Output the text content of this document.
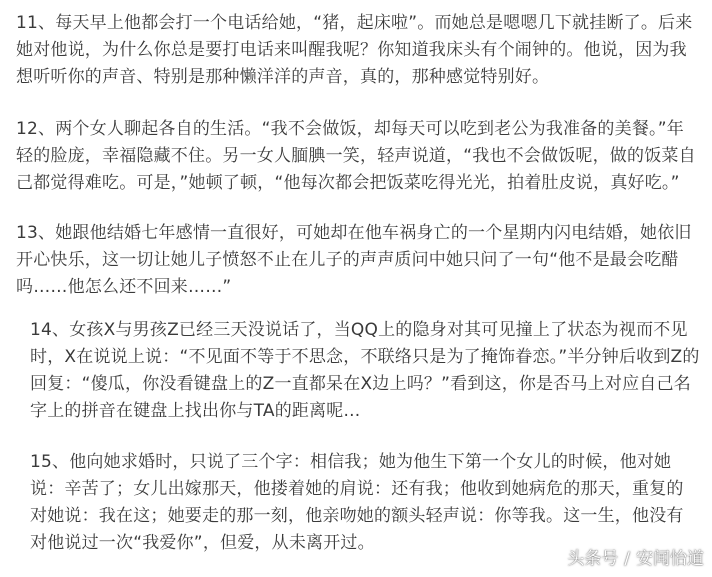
11、每天早上他都会打一个电话给她，“猪，起床啦”。而她总是嗯嗯几下就挂断了。后来她对他说，为什么你总是要打电话来叫醒我呢？你知道我床头有个闹钟的。他说，因为我想听听你的声音、特别是那种懒洋洋的声音，真的，那种感觉特别好。

12、两个女人聊起各自的生活。“我不会做饭，却每天可以吃到老公为我准备的美餐。”年轻的脸庞，幸福隐藏不住。另一女人腼腆一笑，轻声说道，“我也不会做饭呢，做的饭菜自己都觉得难吃。可是，”她顿了顿，“他每次都会把饭菜吃得光光，拍着肚皮说，真好吃。”

13、她跟他结婚七年感情一直很好，可她却在他车祸身亡的一个星期内闪电结婚，她依旧开心快乐，这一切让她儿子愤怒不止在儿子的声声质问中她只问了一句“他不是最会吃醋吗……他怎么还不回来……”

14、女孩X与男孩Z已经三天没说话了，当QQ上的隐身对其可见撞上了状态为视而不见时，X在说说上说：“不见面不等于不思念，不联络只是为了掩饰眷恋。”半分钟后收到Z的回复：“傻瓜，你没看键盘上的Z一直都呆在X边上吗？”看到这，你是否马上对应自己名字上的拼音在键盘上找出你与TA的距离呢...

15、他向她求婚时，只说了三个字：相信我；她为他生下第一个女儿的时候，他对她说：辛苦了；女儿出嫁那天，他搂着她的肩说：还有我；他收到她病危的那天，重复的对她说：我在这；她要走的那一刻，他亲吻她的额头轻声说：你等我。这一生，他没有对他说过一次“我爱你”，但爱，从未离开过。

头条号 / 安闻怡道
